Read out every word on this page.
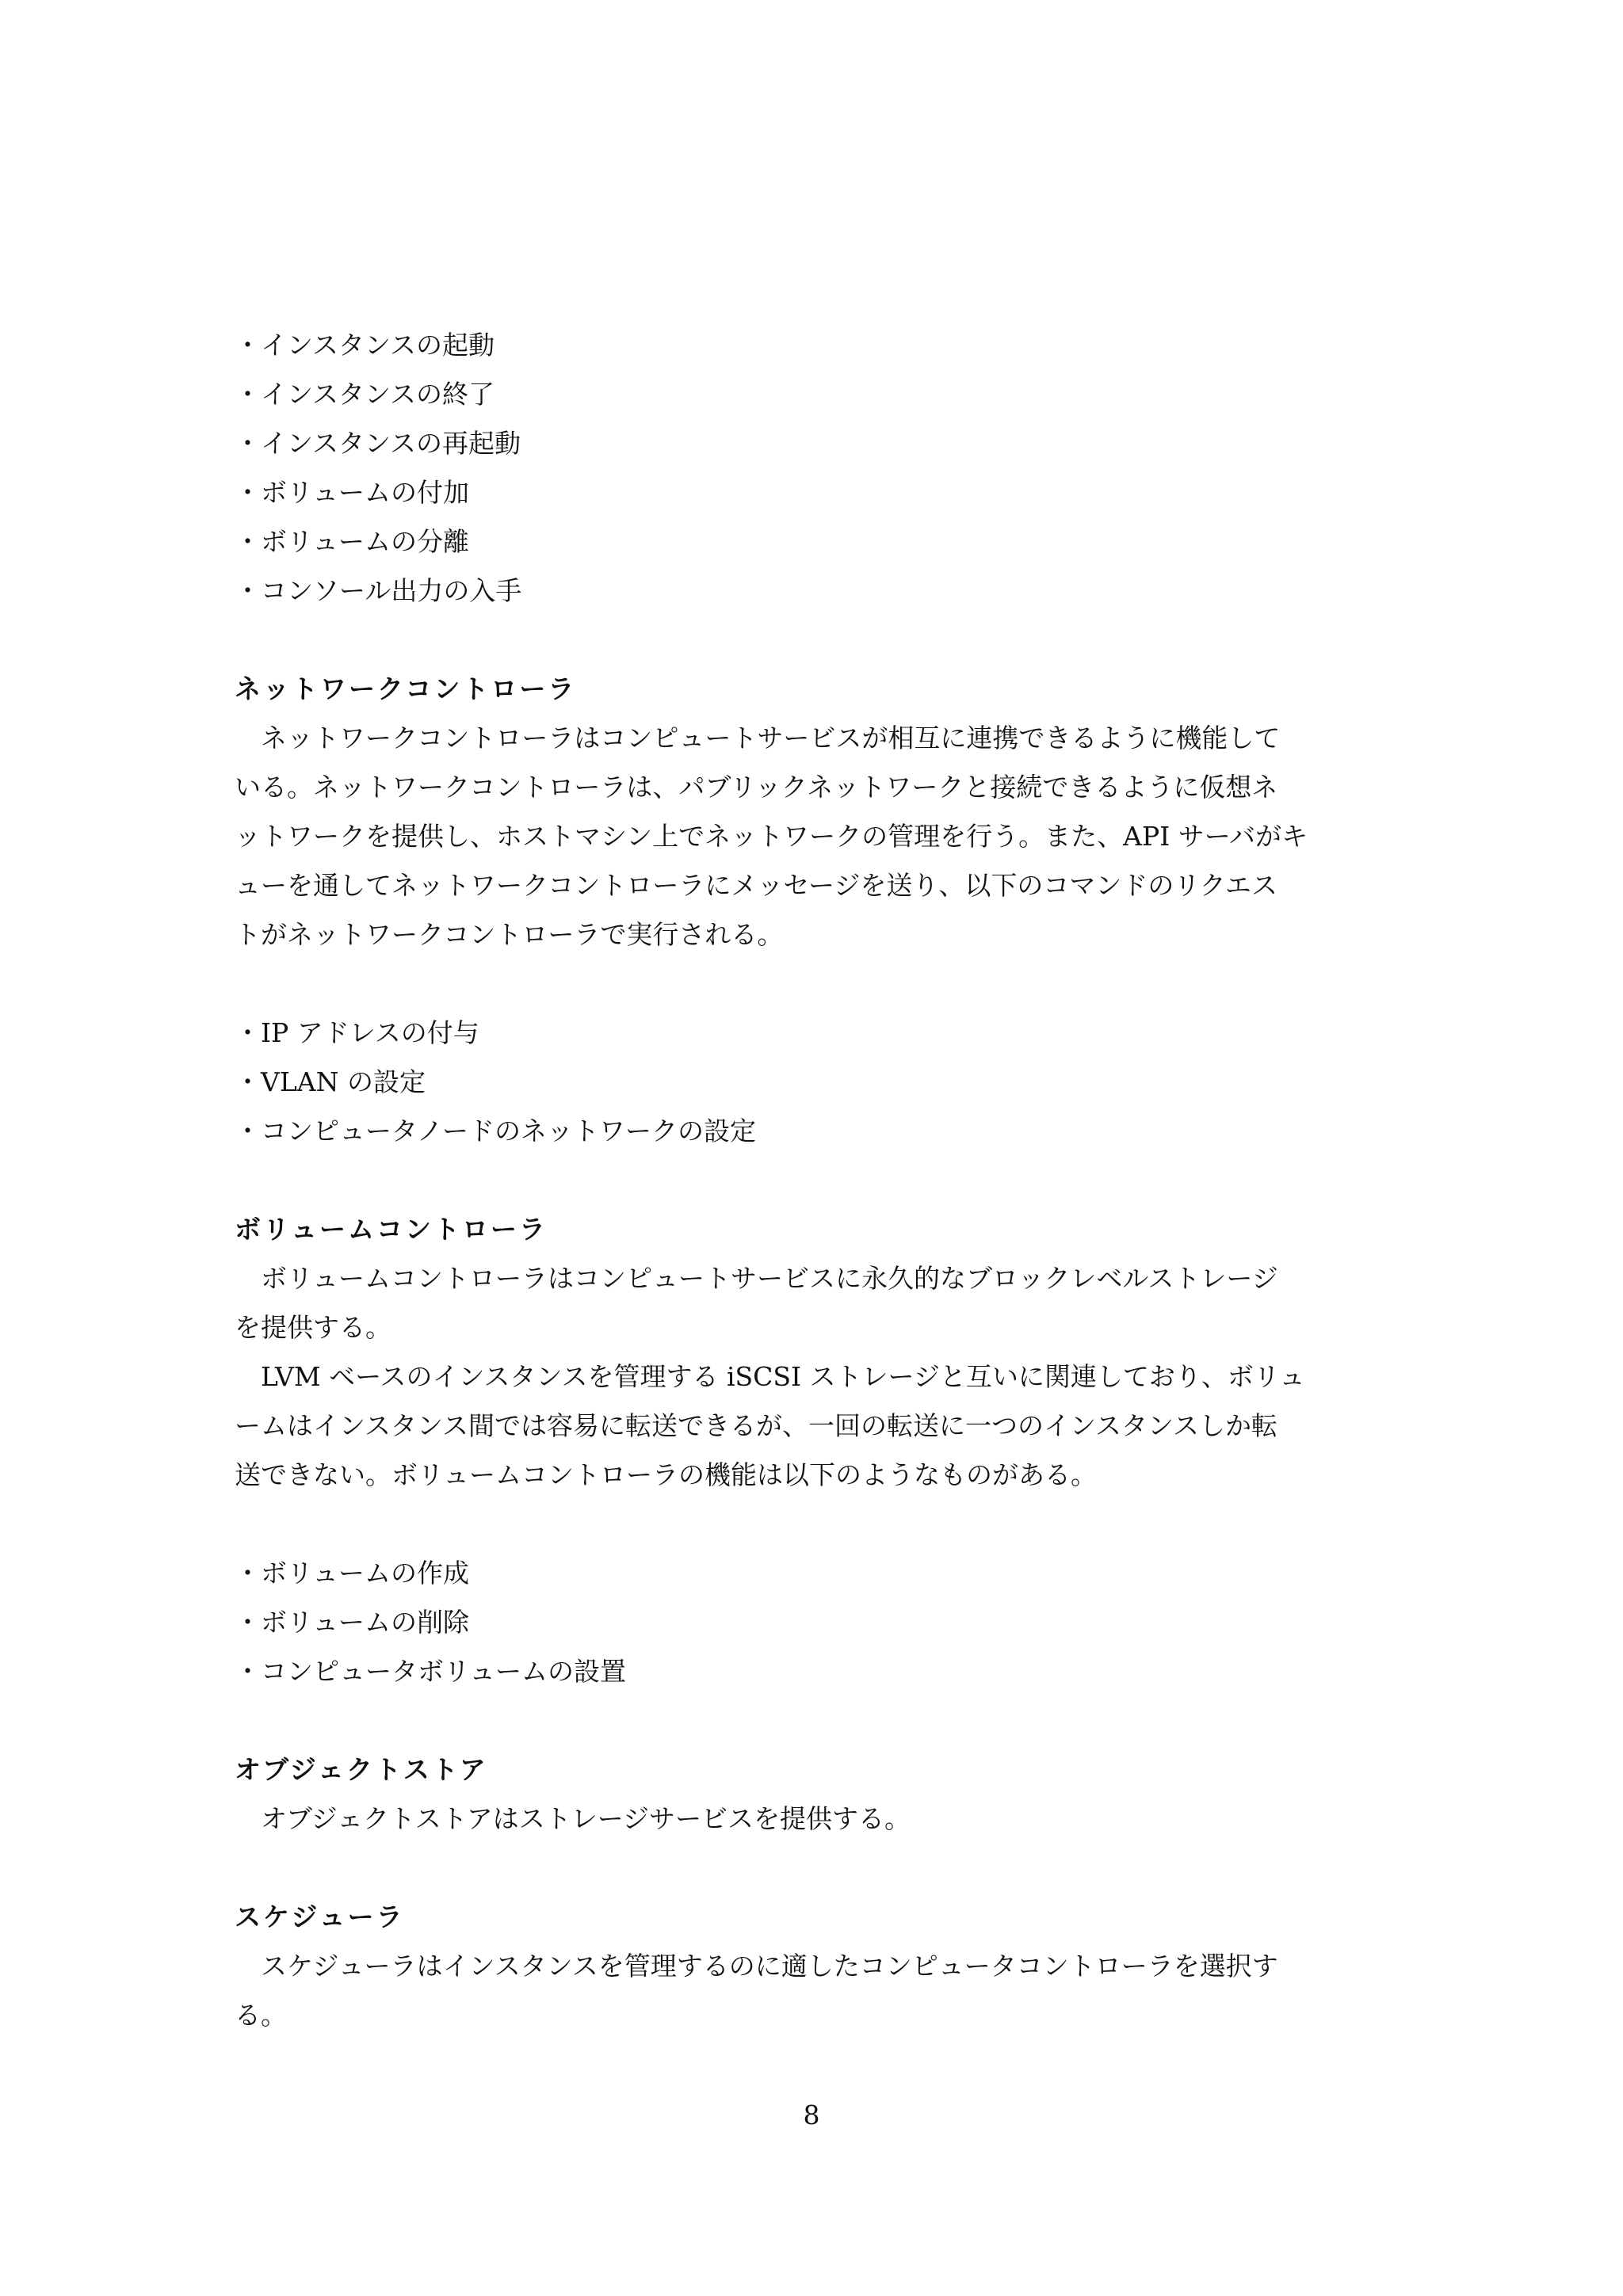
・インスタンスの起動
・インスタンスの終了
・インスタンスの再起動
・ボリュームの付加
・ボリュームの分離
・コンソール出力の入手
ネットワークコントローラ
　ネットワークコントローラはコンピュートサービスが相互に連携できるように機能して
いる。ネットワークコントローラは、パブリックネットワークと接続できるように仮想ネ
ットワークを提供し、ホストマシン上でネットワークの管理を行う。また、API サーバがキ
ューを通してネットワークコントローラにメッセージを送り、以下のコマンドのリクエス
トがネットワークコントローラで実行される。
・IP アドレスの付与
・VLAN の設定
・コンピュータノードのネットワークの設定
ボリュームコントローラ
　ボリュームコントローラはコンピュートサービスに永久的なブロックレベルストレージ
を提供する。
　LVM ベースのインスタンスを管理する iSCSI ストレージと互いに関連しており、ボリュ
ームはインスタンス間では容易に転送できるが、一回の転送に一つのインスタンスしか転
送できない。ボリュームコントローラの機能は以下のようなものがある。
・ボリュームの作成
・ボリュームの削除
・コンピュータボリュームの設置
オブジェクトストア
　オブジェクトストアはストレージサービスを提供する。
スケジューラ
　スケジューラはインスタンスを管理するのに適したコンピュータコントローラを選択す
る。
8
